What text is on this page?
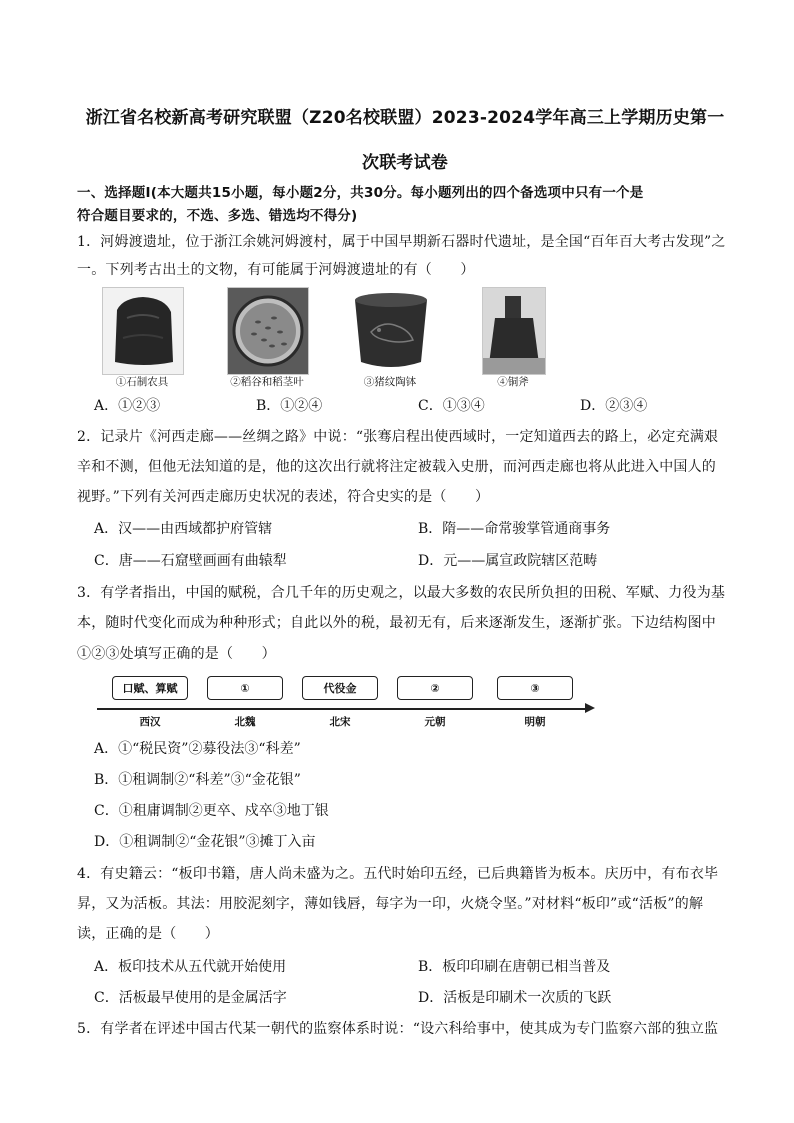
浙江省名校新高考研究联盟（Z20名校联盟）2023-2024学年高三上学期历史第一
次联考试卷
一、选择题Ⅰ(本大题共15小题，每小题2分，共30分。每小题列出的四个备选项中只有一个是
符合题目要求的，不选、多选、错选均不得分)
1．河姆渡遗址，位于浙江余姚河姆渡村，属于中国早期新石器时代遗址，是全国“百年百大考古发现”之
一。下列考古出土的文物，有可能属于河姆渡遗址的有（　　）
①石制农具	②稻谷和稻茎叶	③猪纹陶钵	④铜斧
A．①②③	B．①②④	C．①③④	D．②③④
2．记录片《河西走廊——丝绸之路》中说：“张骞启程出使西域时，一定知道西去的路上，必定充满艰
辛和不测，但他无法知道的是，他的这次出行就将注定被载入史册，而河西走廊也将从此进入中国人的
视野。”下列有关河西走廊历史状况的表述，符合史实的是（　　）
A．汉——由西域都护府管辖	B．隋——命常骏掌管通商事务
C．唐——石窟壁画画有曲辕犁	D．元——属宣政院辖区范畴
3．有学者指出，中国的赋税，合几千年的历史观之，以最大多数的农民所负担的田税、军赋、力役为基
本，随时代变化而成为种种形式；自此以外的税，最初无有，后来逐渐发生，逐渐扩张。下边结构图中
①②③处填写正确的是（　　）
口赋、算赋	①	代役金	②	③
西汉	北魏	北宋	元朝	明朝
A．①“税民资”②募役法③“科差”
B．①租调制②“科差”③“金花银”
C．①租庸调制②更卒、戍卒③地丁银
D．①租调制②“金花银”③摊丁入亩
4．有史籍云：“板印书籍，唐人尚未盛为之。五代时始印五经，已后典籍皆为板本。庆历中，有布衣毕
昇，又为活板。其法：用胶泥刻字，薄如钱唇，每字为一印，火烧令坚。”对材料“板印”或“活板”的解
读，正确的是（　　）
A．板印技术从五代就开始使用	B．板印印刷在唐朝已相当普及
C．活板最早使用的是金属活字	D．活板是印刷术一次质的飞跃
5．有学者在评述中国古代某一朝代的监察体系时说：“设六科给事中，使其成为专门监察六部的独立监
